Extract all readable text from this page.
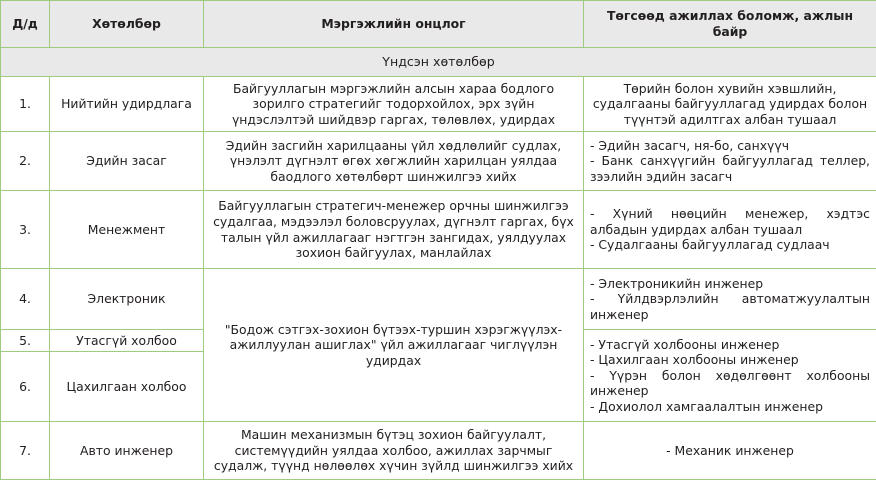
Д/д	Хөтөлбөр	Мэргэжлийн онцлог	Төгсөөд ажиллах боломж, ажлын байр
Үндсэн хөтөлбөр			
1.	Нийтийн удирдлага	Байгууллагын мэргэжлийн алсын хараа бодлого зорилго стратегийг тодорхойлох, эрх зүйн үндэслэлтэй шийдвэр гаргах, төлөвлөх, удирдах	Төрийн болон хувийн хэвшлийн, судалгааны байгууллагад удирдах болон түүнтэй адилтгах албан тушаал
2.	Эдийн засаг	Эдийн засгийн харилцааны үйл хөдлөлийг судлах, үнэлэлт дүгнэлт өгөх хөгжлийн харилцан уялдаа баодлого хөтөлбөрт шинжилгээ хийх	- Эдийн засагч, ня-бо, санхүүч
- Банк санхүүгийн байгууллагад теллер, зээлийн эдийн засагч

3.	Менежмент	Байгууллагын стратегич-менежер орчны шинжилгээ судалгаа, мэдээлэл боловсруулах, дүгнэлт гаргах, бүх талын үйл ажиллагааг нэгтгэн зангидах, уялдуулах зохион байгуулах, манлайлах	- Хүний нөөцийн менежер, хэдтэс албадын удирдах албан тушаал
- Судалгааны байгууллагад судлаач

4.	Электроник	"Бодож сэтгэх-зохион бүтээх-туршин хэрэгжүүлэх-ажиллуулан ашиглах" үйл ажиллагааг чиглүүлэн удирдах	- Электроникийн инженер
- Үйлдвэрлэлийн автоматжуулалтын инженер

5.	Утасгүй холбоо		- Утасгүй холбооны инженер
- Цахилгаан холбооны инженер
- Үүрэн болон хөдөлгөөнт холбооны инженер
- Дохиолол хамгаалалтын инженер

6.	Цахилгаан холбоо		
7.	Авто инженер	Машин механизмын бүтэц зохион байгуулалт, системүүдийн уялдаа холбоо, ажиллах зарчмыг судалж, түүнд нөлөөлөх хүчин зүйлд шинжилгээ хийх	- Механик инженер
